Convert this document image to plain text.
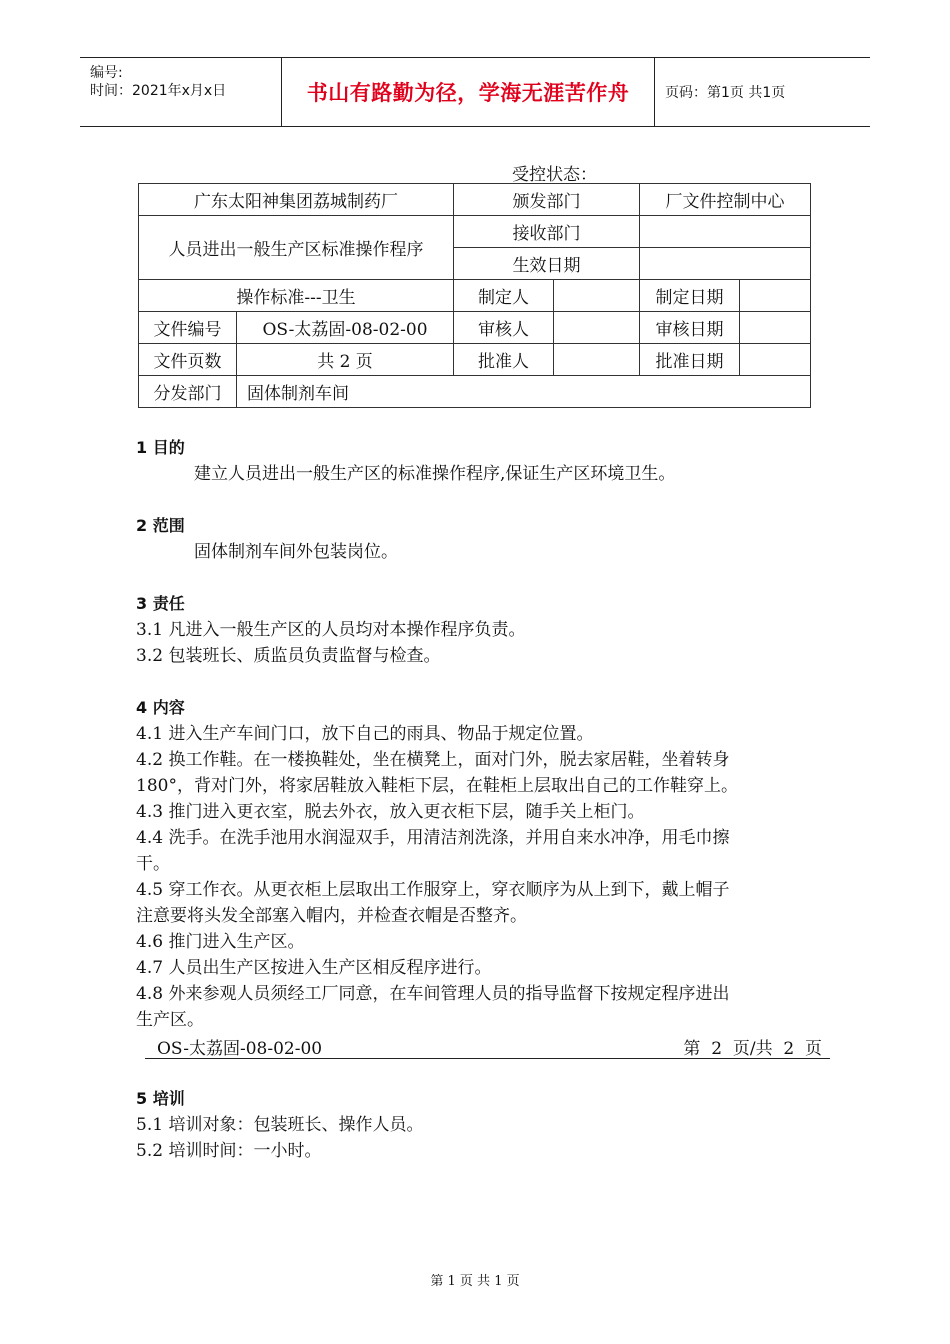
编号:
时间：2021年x月x日	书山有路勤为径，学海无涯苦作舟	页码：第1页 共1页
受控状态：
广东太阳神集团荔城制药厂		颁发部门		厂文件控制中心	
人员进出一般生产区标准操作程序		接收部门			
		生效日期			
操作标准---卫生		制定人		制定日期	
文件编号	OS-太荔固-08-02-00	审核人		审核日期	
文件页数	共 2 页	批准人		批准日期	
分发部门	固体制剂车间				
1 目的
建立人员进出一般生产区的标准操作程序,保证生产区环境卫生。
2 范围
固体制剂车间外包装岗位。
3 责任
3.1 凡进入一般生产区的人员均对本操作程序负责。
3.2 包装班长、质监员负责监督与检查。
4 内容
4.1 进入生产车间门口，放下自己的雨具、物品于规定位置。
4.2 换工作鞋。在一楼换鞋处，坐在横凳上，面对门外，脱去家居鞋，坐着转身
180°，背对门外，将家居鞋放入鞋柜下层，在鞋柜上层取出自己的工作鞋穿上。
4.3 推门进入更衣室，脱去外衣，放入更衣柜下层，随手关上柜门。
4.4 洗手。在洗手池用水润湿双手，用清洁剂洗涤，并用自来水冲净，用毛巾擦
干。
4.5 穿工作衣。从更衣柜上层取出工作服穿上，穿衣顺序为从上到下，戴上帽子
注意要将头发全部塞入帽内，并检查衣帽是否整齐。
4.6 推门进入生产区。
4.7 人员出生产区按进入生产区相反程序进行。
4.8 外来参观人员须经工厂同意，在车间管理人员的指导监督下按规定程序进出
生产区。
OS-太荔固-08-02-00	第  2  页/共  2  页
5 培训
5.1 培训对象：包装班长、操作人员。
5.2 培训时间：一小时。
第 1 页 共 1 页
